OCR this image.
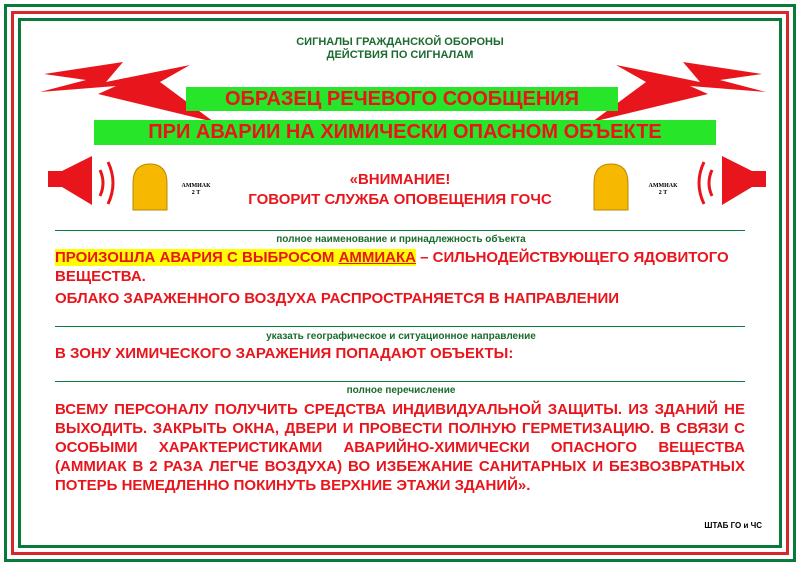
СИГНАЛЫ ГРАЖДАНСКОЙ ОБОРОНЫ
ДЕЙСТВИЯ ПО СИГНАЛАМ
ОБРАЗЕЦ РЕЧЕВОГО СООБЩЕНИЯ
ПРИ АВАРИИ НА ХИМИЧЕСКИ ОПАСНОМ ОБЪЕКТЕ
АММИАК
2 Т
АММИАК
2 Т
«ВНИМАНИЕ!
ГОВОРИТ СЛУЖБА ОПОВЕЩЕНИЯ ГОЧС
полное наименование и принадлежность объекта
ПРОИЗОШЛА АВАРИЯ С ВЫБРОСОМ АММИАКА – СИЛЬНОДЕЙСТВУЮЩЕГО ЯДОВИТОГО ВЕЩЕСТВА.
ОБЛАКО ЗАРАЖЕННОГО ВОЗДУХА РАСПРОСТРАНЯЕТСЯ В НАПРАВЛЕНИИ
указать географическое и ситуационное направление
В ЗОНУ ХИМИЧЕСКОГО ЗАРАЖЕНИЯ ПОПАДАЮТ ОБЪЕКТЫ:
полное перечисление
ВСЕМУ ПЕРСОНАЛУ ПОЛУЧИТЬ СРЕДСТВА ИНДИВИДУАЛЬНОЙ ЗАЩИТЫ. ИЗ ЗДАНИЙ НЕ ВЫХОДИТЬ. ЗАКРЫТЬ ОКНА, ДВЕРИ И ПРОВЕСТИ ПОЛНУЮ ГЕРМЕТИЗАЦИЮ. В СВЯЗИ С ОСОБЫМИ ХАРАКТЕРИСТИКАМИ АВАРИЙНО-ХИМИЧЕСКИ ОПАСНОГО ВЕЩЕСТВА (АММИАК В 2 РАЗА ЛЕГЧЕ ВОЗДУХА) ВО ИЗБЕЖАНИЕ САНИТАРНЫХ И БЕЗВОЗВРАТНЫХ ПОТЕРЬ НЕМЕДЛЕННО ПОКИНУТЬ ВЕРХНИЕ ЭТАЖИ ЗДАНИЙ».
ШТАБ ГО и ЧС
